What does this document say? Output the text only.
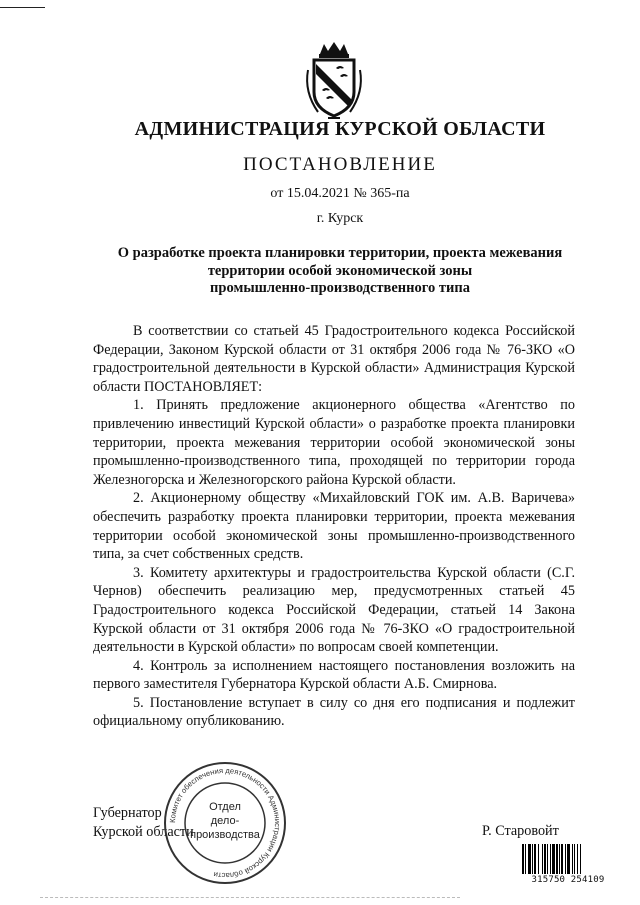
АДМИНИСТРАЦИЯ КУРСКОЙ ОБЛАСТИ
ПОСТАНОВЛЕНИЕ
от 15.04.2021 № 365-па
г. Курск
О разработке проекта планировки территории, проекта межевания
территории особой экономической зоны
промышленно-производственного типа

В соответствии со статьей 45 Градостроительного кодекса Российской Федерации, Законом Курской области от 31 октября 2006 года № 76-ЗКО «О градостроительной деятельности в Курской области» Администрация Курской области ПОСТАНОВЛЯЕТ:

1. Принять предложение акционерного общества «Агентство по привлечению инвестиций Курской области» о разработке проекта планировки территории, проекта межевания территории особой экономической зоны промышленно-производственного типа, проходящей по территории города Железногорска и Железногорского района Курской области.

2. Акционерному обществу «Михайловский ГОК им. А.В. Варичева» обеспечить разработку проекта планировки территории, проекта межевания территории особой экономической зоны промышленно-производственного типа, за счет собственных средств.

3. Комитету архитектуры и градостроительства Курской области (С.Г. Чернов) обеспечить реализацию мер, предусмотренных статьей 45 Градостроительного кодекса Российской Федерации, статьей 14 Закона Курской области от 31 октября 2006 года № 76-ЗКО «О градостроительной деятельности в Курской области» по вопросам своей компетенции.

4. Контроль за исполнением настоящего постановления возложить на первого заместителя Губернатора Курской области А.Б. Смирнова.

5. Постановление вступает в силу со дня его подписания и подлежит официальному опубликованию.

Губернатор
Курской области	Р. Старовойт
Комитет обеспечения деятельности Администрации Курской области
Отдел
дело-
производства
315750 254109
